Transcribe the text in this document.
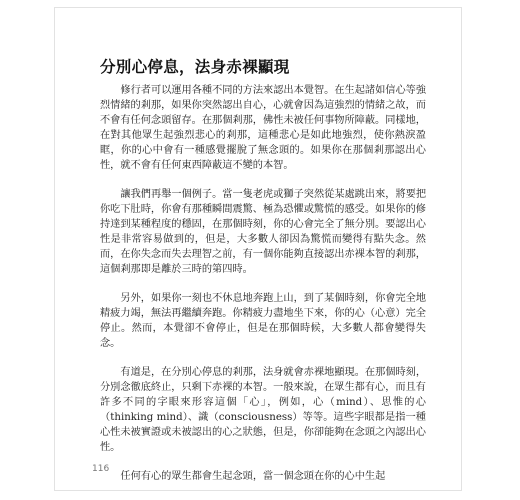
分別心停息，法身赤裸顯現

修行者可以運用各種不同的方法來認出本覺智。在生起諸如信心等強烈情緒的剎那，如果你突然認出自心，心就會因為這強烈的情緒之故，而不會有任何念頭留存。在那個剎那，佛性未被任何事物所障蔽。同樣地，在對其他眾生起強烈悲心的剎那，這種悲心是如此地強烈，使你熱淚盈眶，你的心中會有一種感覺擺脫了無念頭的。如果你在那個剎那認出心性，就不會有任何東西障蔽這不變的本智。

讓我們再舉一個例子。當一隻老虎或獅子突然從某處跳出來，將要把你吃下肚時，你會有那種瞬間震驚、極為恐懼或驚慌的感受。如果你的修持達到某種程度的穩固，在那個時刻，你的心會完全了無分別。要認出心性是非常容易做到的，但是，大多數人卻因為驚慌而變得有點失念。然而，在你失念而失去理智之前，有一個你能夠直接認出赤裸本智的剎那，這個剎那即是離於三時的第四時。

另外，如果你一刻也不休息地奔跑上山，到了某個時刻，你會完全地精疲力竭，無法再繼續奔跑。你精疲力盡地坐下來，你的心（心意）完全停止。然而，本覺卻不會停止，但是在那個時候，大多數人都會變得失念。

有道是，在分別心停息的剎那，法身就會赤裸地顯現。在那個時刻，分別念徹底終止，只剩下赤裸的本智。一般來說，在眾生都有心，而且有許多不同的字眼來形容這個「心」，例如，心（mind）、思惟的心（thinking mind）、識（consciousness）等等。這些字眼都是指一種心性未被實證或未被認出的心之狀態，但是，你卻能夠在念頭之內認出心性。

任何有心的眾生都會生起念頭，當一個念頭在你的心中生起

116
